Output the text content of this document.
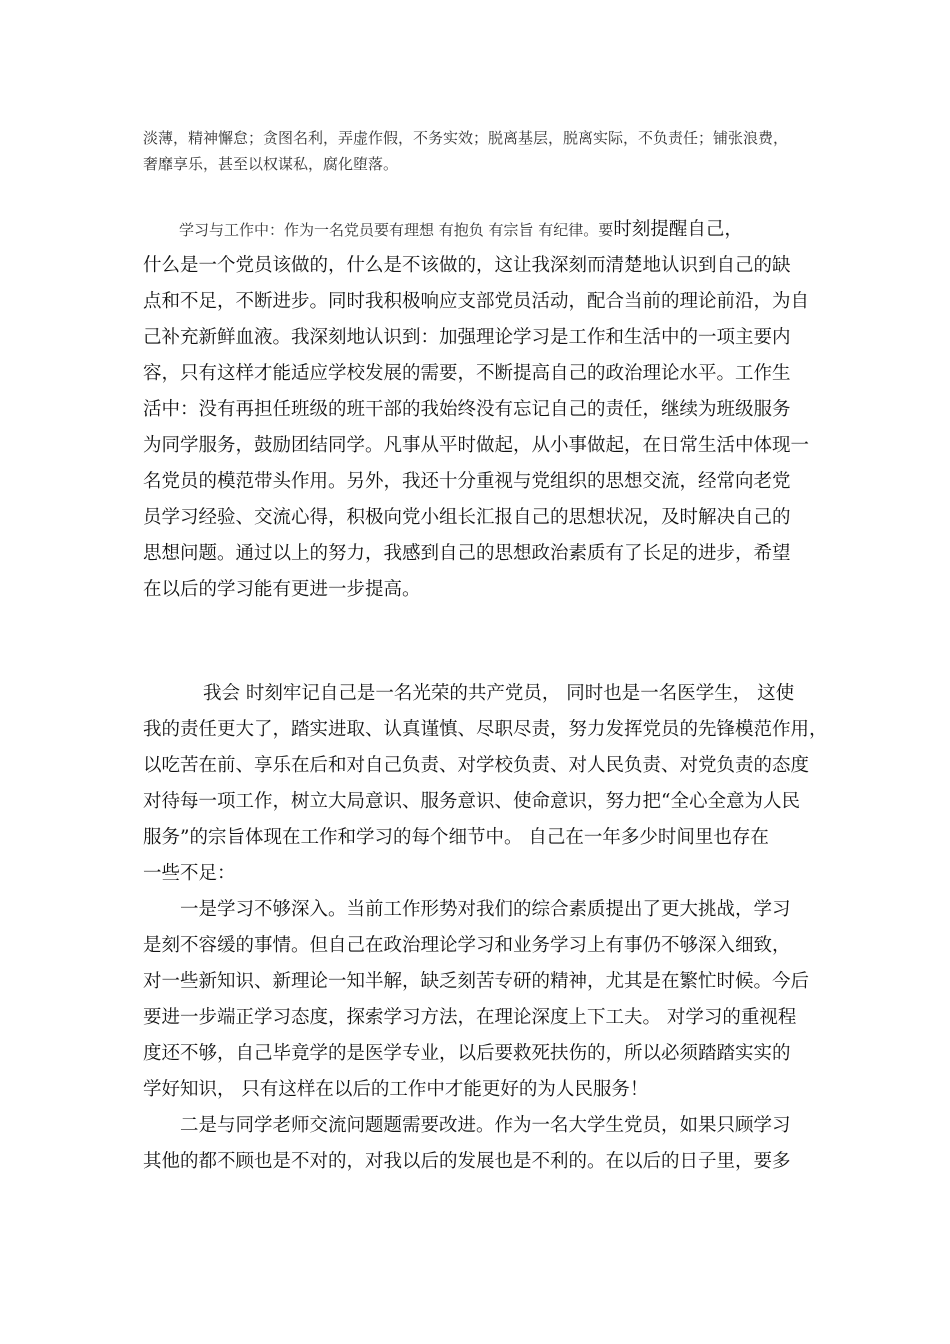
淡薄，精神懈怠；贪图名利，弄虚作假，不务实效；脱离基层，脱离实际，不负责任；铺张浪费，
奢靡享乐，甚至以权谋私，腐化堕落。
学习与工作中：作为一名党员要有理想 有抱负 有宗旨 有纪律。要时刻提醒自己，
什么是一个党员该做的，什么是不该做的，这让我深刻而清楚地认识到自己的缺
点和不足，不断进步。同时我积极响应支部党员活动，配合当前的理论前沿，为自
己补充新鲜血液。我深刻地认识到：加强理论学习是工作和生活中的一项主要内
容，只有这样才能适应学校发展的需要，不断提高自己的政治理论水平。工作生
活中：没有再担任班级的班干部的我始终没有忘记自己的责任，继续为班级服务
为同学服务，鼓励团结同学。凡事从平时做起，从小事做起，在日常生活中体现一
名党员的模范带头作用。另外，我还十分重视与党组织的思想交流，经常向老党
员学习经验、交流心得，积极向党小组长汇报自己的思想状况，及时解决自己的
思想问题。通过以上的努力，我感到自己的思想政治素质有了长足的进步，希望
在以后的学习能有更进一步提高。
我会 时刻牢记自己是一名光荣的共产党员， 同时也是一名医学生， 这使
我的责任更大了，踏实进取、认真谨慎、尽职尽责，努力发挥党员的先锋模范作用，
以吃苦在前、享乐在后和对自己负责、对学校负责、对人民负责、对党负责的态度
对待每一项工作，树立大局意识、服务意识、使命意识，努力把“全心全意为人民
服务”的宗旨体现在工作和学习的每个细节中。 自己在一年多少时间里也存在
一些不足：
一是学习不够深入。当前工作形势对我们的综合素质提出了更大挑战，学习
是刻不容缓的事情。但自己在政治理论学习和业务学习上有事仍不够深入细致，
对一些新知识、新理论一知半解，缺乏刻苦专研的精神，尤其是在繁忙时候。今后
要进一步端正学习态度，探索学习方法，在理论深度上下工夫。 对学习的重视程
度还不够，自己毕竟学的是医学专业，以后要救死扶伤的，所以必须踏踏实实的
学好知识， 只有这样在以后的工作中才能更好的为人民服务！
二是与同学老师交流问题题需要改进。作为一名大学生党员，如果只顾学习
其他的都不顾也是不对的，对我以后的发展也是不利的。在以后的日子里，要多
